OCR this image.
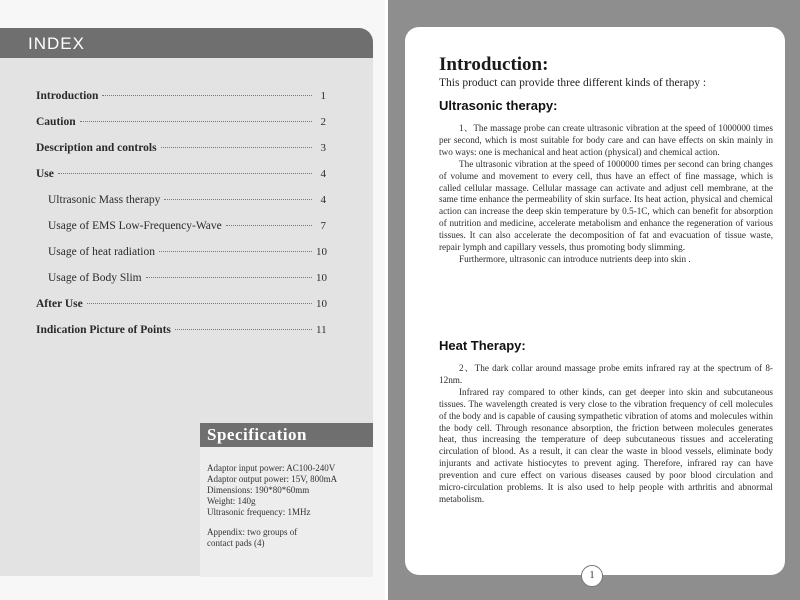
INDEX
Introduction	1
Caution	2
Description and controls	3
Use	4
Ultrasonic Mass therapy	4
Usage of EMS Low-Frequency-Wave	7
Usage of heat radiation	10
Usage of Body Slim	10
After Use	10
Indication Picture of Points	11
Specification
Adaptor input power: AC100-240V
Adaptor output power: 15V, 800mA
Dimensions: 190*80*60mm
Weight: 140g
Ultrasonic frequency: 1MHz
Appendix: two groups of
contact pads (4)
Introduction:
This product can provide three different kinds of therapy :
Ultrasonic therapy:

1、The massage probe can create ultrasonic vibration at the speed of 1000000 times per second, which is most suitable for body care and can have effects on skin mainly in two ways: one is mechanical and heat action (physical) and chemical action.

The ultrasonic vibration at the speed of 1000000 times per second can bring changes of volume and movement to every cell, thus have an effect of fine massage, which is called cellular massage. Cellular massage can activate and adjust cell membrane, at the same time enhance the permeability of skin surface. Its heat action, physical and chemical action can increase the deep skin temperature by 0.5-1C, which can benefit for absorption of nutrition and medicine, accelerate metabolism and enhance the regeneration of various tissues. It can also accelerate the decomposition of fat and evacuation of tissue waste, repair lymph and capillary vessels, thus promoting body slimming.

Furthermore, ultrasonic can introduce nutrients deep into skin .

Heat Therapy:

2、The dark collar around massage probe emits infrared ray at the spectrum of 8-12nm.

Infrared ray compared to other kinds, can get deeper into skin and subcutaneous tissues. The wavelength created is very close to the vibration frequency of cell molecules of the body and is capable of causing sympathetic vibration of atoms and molecules within the body cell. Through resonance absorption, the friction between molecules generates heat, thus increasing the temperature of deep subcutaneous tissues and accelerating circulation of blood. As a result, it can clear the waste in blood vessels, eliminate body injurants and activate histiocytes to prevent aging. Therefore, infrared ray can have prevention and cure effect on various diseases caused by poor blood circulation and micro-circulation problems. It is also used to help people with arthritis and abnormal metabolism.

1
